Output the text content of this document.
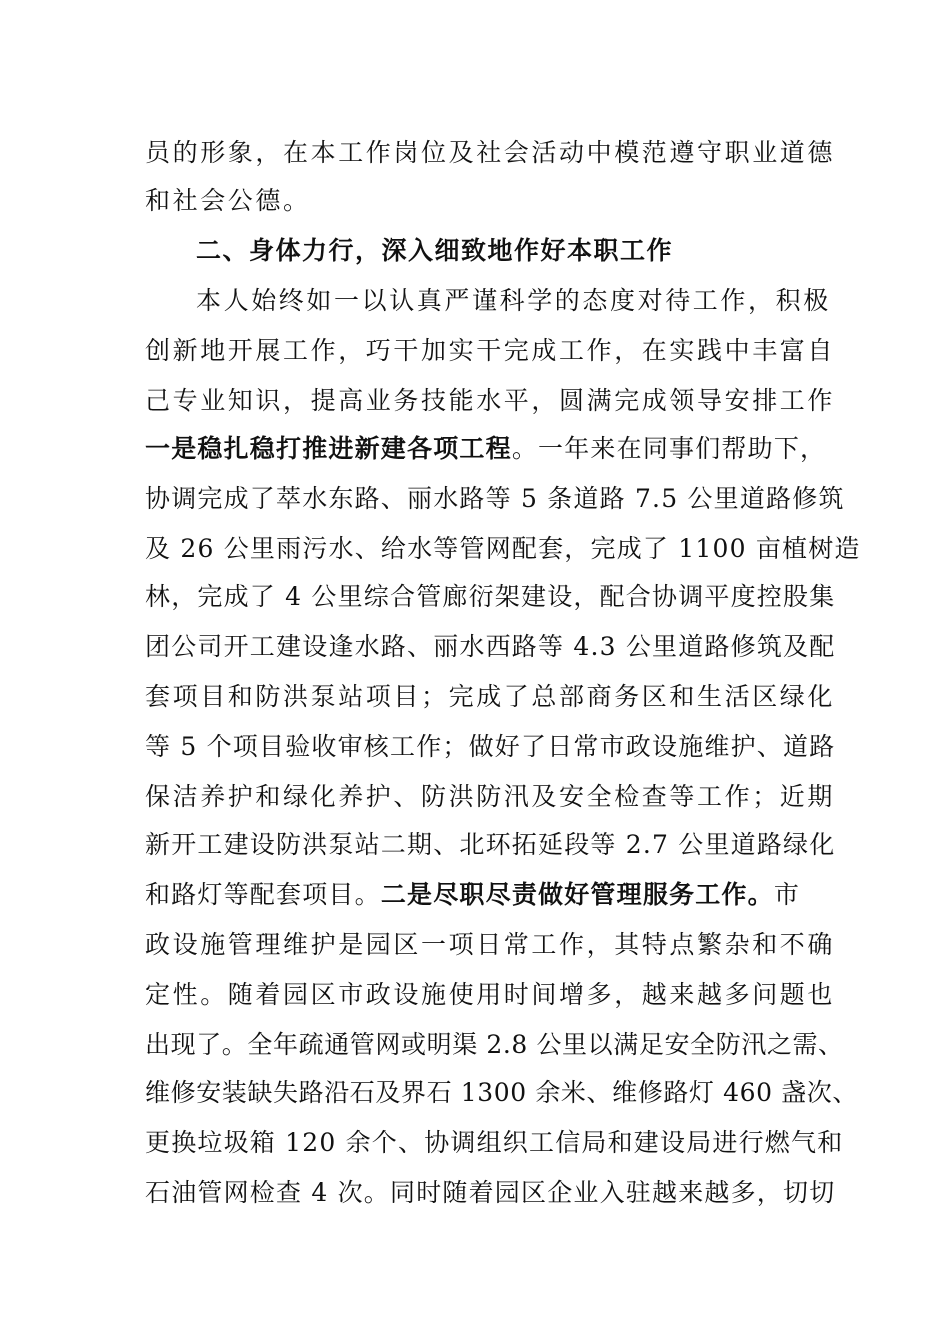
员的形象，在本工作岗位及社会活动中模范遵守职业道德
和社会公德。
二、身体力行，深入细致地作好本职工作
本人始终如一以认真严谨科学的态度对待工作，积极
创新地开展工作，巧干加实干完成工作，在实践中丰富自
己专业知识，提高业务技能水平，圆满完成领导安排工作
一是稳扎稳打推进新建各项工程。一年来在同事们帮助下，
协调完成了萃水东路、丽水路等 5 条道路 7.5 公里道路修筑
及 26 公里雨污水、给水等管网配套，完成了 1100 亩植树造
林，完成了 4 公里综合管廊衍架建设，配合协调平度控股集
团公司开工建设逢水路、丽水西路等 4.3 公里道路修筑及配
套项目和防洪泵站项目；完成了总部商务区和生活区绿化
等 5 个项目验收审核工作；做好了日常市政设施维护、道路
保洁养护和绿化养护、防洪防汛及安全检查等工作；近期
新开工建设防洪泵站二期、北环拓延段等 2.7 公里道路绿化
和路灯等配套项目。二是尽职尽责做好管理服务工作。市
政设施管理维护是园区一项日常工作，其特点繁杂和不确
定性。随着园区市政设施使用时间增多，越来越多问题也
出现了。全年疏通管网或明渠 2.8 公里以满足安全防汛之需、
维修安装缺失路沿石及界石 1300 余米、维修路灯 460 盏次、
更换垃圾箱 120 余个、协调组织工信局和建设局进行燃气和
石油管网检查 4 次。同时随着园区企业入驻越来越多，切切
